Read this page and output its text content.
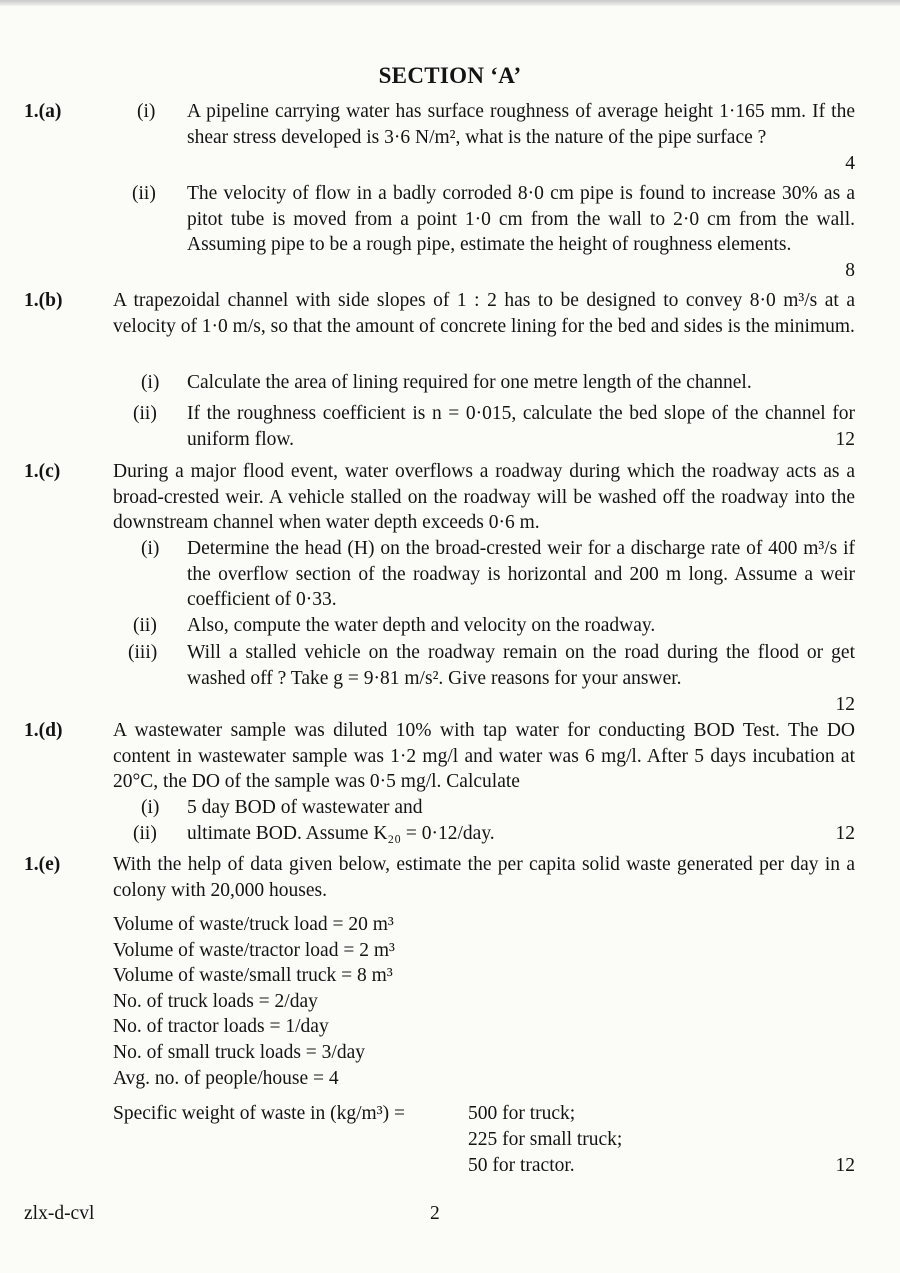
SECTION ‘A’
1.(a)	(i) A pipeline carrying water has surface roughness of average height 1·165 mm. If the shear stress developed is 3·6 N/m², what is the nature of the pipe surface ?
4
(ii) The velocity of flow in a badly corroded 8·0 cm pipe is found to increase 30% as a pitot tube is moved from a point 1·0 cm from the wall to 2·0 cm from the wall. Assuming pipe to be a rough pipe, estimate the height of roughness elements.
8
1.(b)	A trapezoidal channel with side slopes of 1 : 2 has to be designed to convey 8·0 m³/s at a velocity of 1·0 m/s, so that the amount of concrete lining for the bed and sides is the minimum.
(i) Calculate the area of lining required for one metre length of the channel.
(ii) If the roughness coefficient is n = 0·015, calculate the bed slope of the channel for uniform flow.	12
1.(c)	During a major flood event, water overflows a roadway during which the roadway acts as a broad-crested weir. A vehicle stalled on the roadway will be washed off the roadway into the downstream channel when water depth exceeds 0·6 m.
(i) Determine the head (H) on the broad-crested weir for a discharge rate of 400 m³/s if the overflow section of the roadway is horizontal and 200 m long. Assume a weir coefficient of 0·33.
(ii) Also, compute the water depth and velocity on the roadway.
(iii) Will a stalled vehicle on the roadway remain on the road during the flood or get washed off ? Take g = 9·81 m/s². Give reasons for your answer.
12
1.(d)	A wastewater sample was diluted 10% with tap water for conducting BOD Test. The DO content in wastewater sample was 1·2 mg/l and water was 6 mg/l. After 5 days incubation at 20°C, the DO of the sample was 0·5 mg/l. Calculate
(i) 5 day BOD of wastewater and
(ii) ultimate BOD. Assume K₂₀ = 0·12/day.	12
1.(e)	With the help of data given below, estimate the per capita solid waste generated per day in a colony with 20,000 houses.
Volume of waste/truck load = 20 m³
Volume of waste/tractor load = 2 m³
Volume of waste/small truck = 8 m³
No. of truck loads = 2/day
No. of tractor loads = 1/day
No. of small truck loads = 3/day
Avg. no. of people/house = 4
Specific weight of waste in (kg/m³) =	500 for truck;
225 for small truck;
50 for tractor.	12
zlx-d-cvl	2
